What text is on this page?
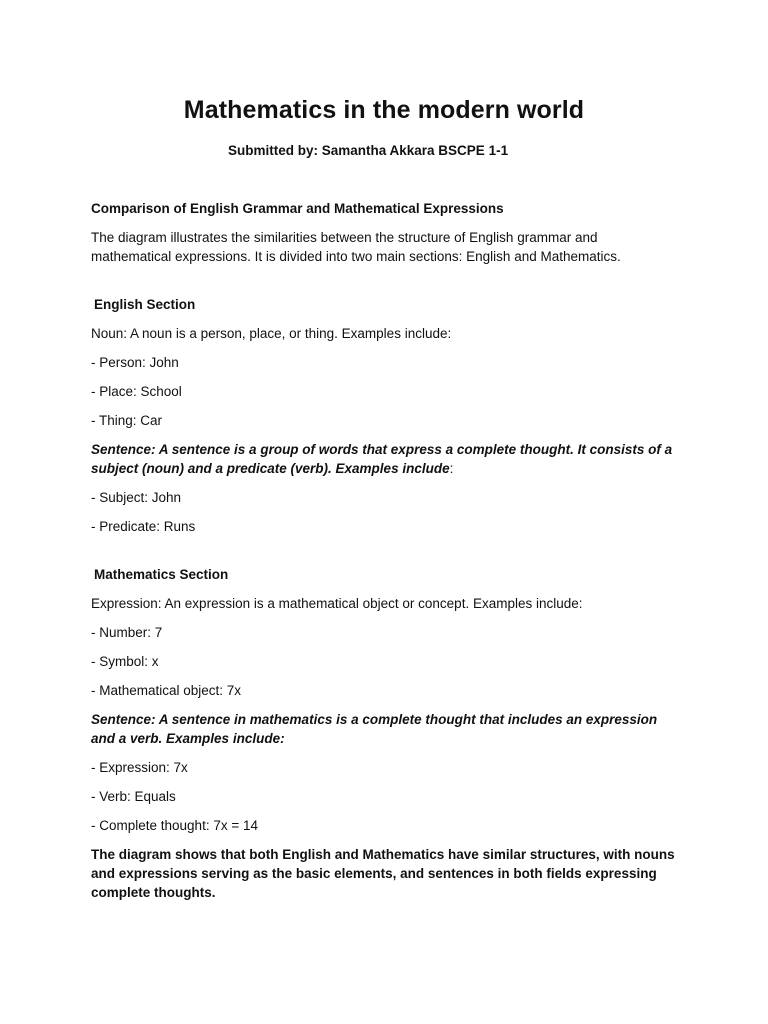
Mathematics in the modern world
Submitted by: Samantha Akkara BSCPE 1-1

Comparison of English Grammar and Mathematical Expressions

The diagram illustrates the similarities between the structure of English grammar and mathematical expressions. It is divided into two main sections: English and Mathematics.

English Section

Noun: A noun is a person, place, or thing. Examples include:

- Person: John

- Place: School

- Thing: Car

Sentence: A sentence is a group of words that express a complete thought. It consists of a subject (noun) and a predicate (verb). Examples include:

- Subject: John

- Predicate: Runs

Mathematics Section

Expression: An expression is a mathematical object or concept. Examples include:

- Number: 7

- Symbol: x

- Mathematical object: 7x

Sentence: A sentence in mathematics is a complete thought that includes an expression and a verb. Examples include:

- Expression: 7x

- Verb: Equals

- Complete thought: 7x = 14

The diagram shows that both English and Mathematics have similar structures, with nouns and expressions serving as the basic elements, and sentences in both fields expressing complete thoughts.
